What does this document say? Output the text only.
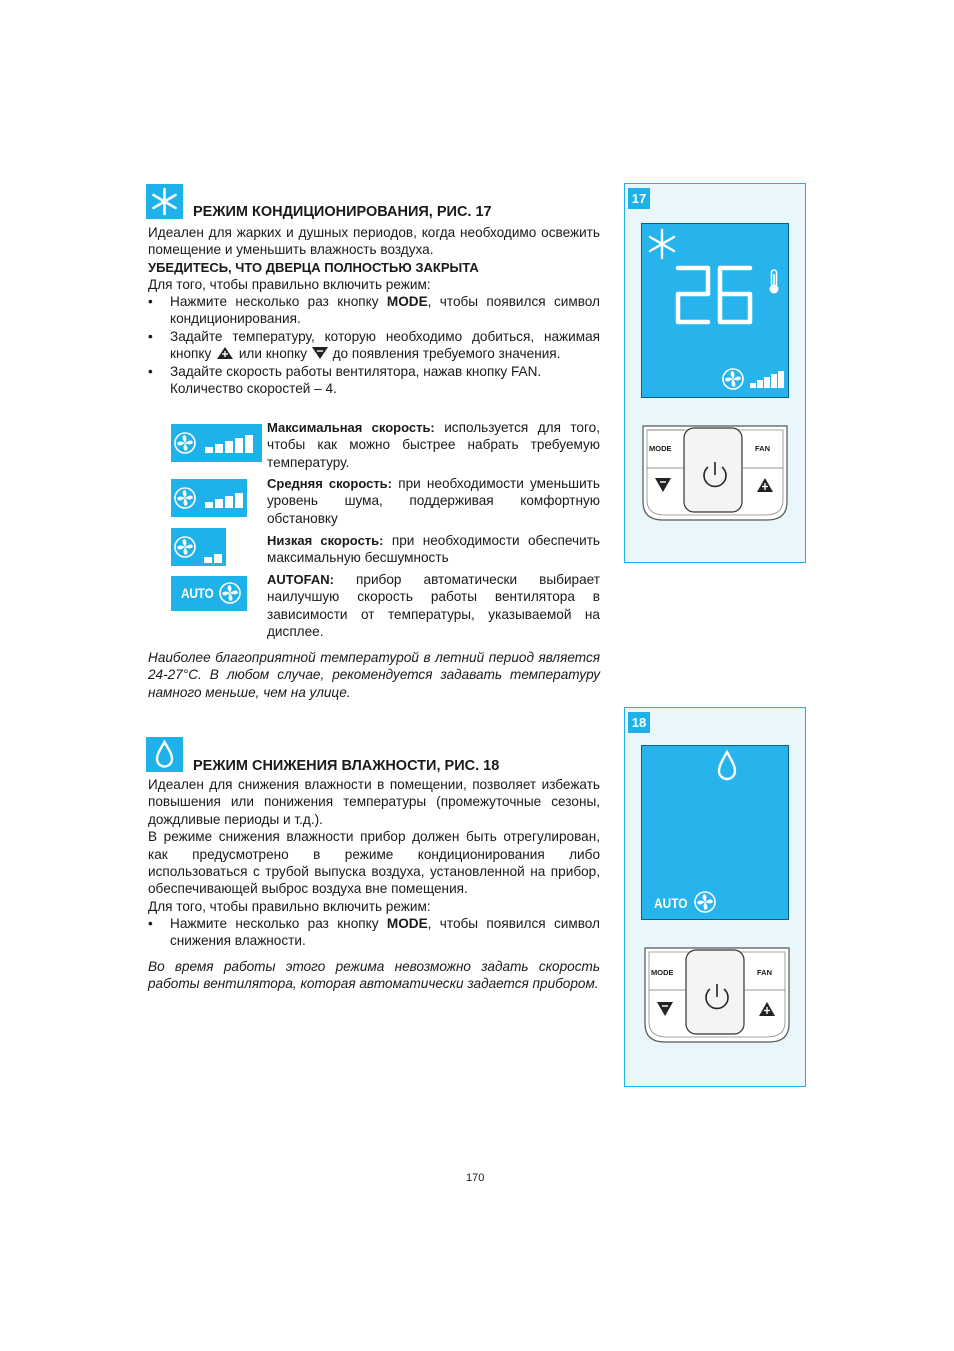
РЕЖИМ КОНДИЦИОНИРОВАНИЯ, РИС. 17

Идеален для жарких и душных периодов, когда необходимо освежить помещение и уменьшить влажность воздуха.

УБЕДИТЕСЬ, ЧТО ДВЕРЦА ПОЛНОСТЬЮ ЗАКРЫТА

Для того, чтобы правильно включить режим:

• Нажмите несколько раз кнопку MODE, чтобы появился символ кондиционирования.

• Задайте температуру, которую необходимо добиться, нажимая кнопку  или кнопку  до появления требуемого значения.

• Задайте скорость работы вентилятора, нажав кнопку FAN. Количество скоростей – 4.

AUTO

Максимальная скорость: используется для того, чтобы как можно быстрее набрать требуемую температуру.

Средняя скорость: при необходимости уменьшить уровень шума, поддерживая комфортную обстановку

Низкая скорость: при необходимости обеспечить максимальную бесшумность

AUTOFAN: прибор автоматически выбирает наилучшую скорость работы вентилятора в зависимости от температуры, указываемой на дисплее.

Наиболее благоприятной температурой в летний период является 24-27°C. В любом случае, рекомендуется задавать температуру намного меньше, чем на улице.

РЕЖИМ СНИЖЕНИЯ ВЛАЖНОСТИ, РИС. 18

Идеален для снижения влажности в помещении, позволяет избежать повышения или понижения температуры (промежуточные сезоны, дождливые периоды и т.д.).

В режиме снижения влажности прибор должен быть отрегулирован, как предусмотрено в режиме кондиционирования либо использоваться с трубой выпуска воздуха, установленной на прибор, обеспечивающей выброс воздуха вне помещения.

Для того, чтобы правильно включить режим:

• Нажмите несколько раз кнопку MODE, чтобы появился символ снижения влажности.

Во время работы этого режима невозможно задать скорость работы вентилятора, которая автоматически задается прибором.

17
MODE	FAN
18
AUTO
MODE	FAN
170
